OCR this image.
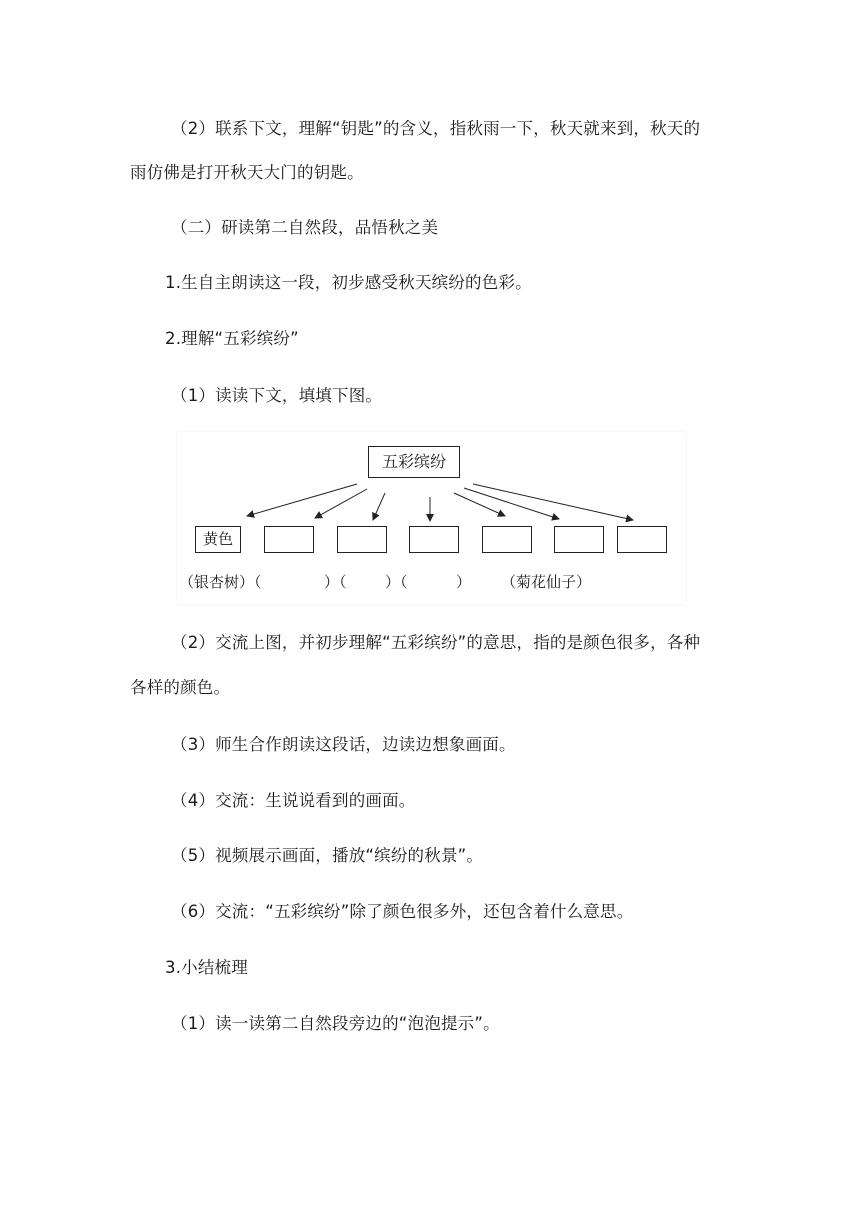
（2）联系下文，理解“钥匙”的含义，指秋雨一下，秋天就来到，秋天的
雨仿佛是打开秋天大门的钥匙。
（二）研读第二自然段，品悟秋之美
1.生自主朗读这一段，初步感受秋天缤纷的色彩。
2.理解“五彩缤纷”
（1）读读下文，填填下图。
五彩缤纷
黄色
（银杏树）（	）（	）（	） （菊花仙子）
（2）交流上图，并初步理解“五彩缤纷”的意思，指的是颜色很多，各种
各样的颜色。
（3）师生合作朗读这段话，边读边想象画面。
（4）交流：生说说看到的画面。
（5）视频展示画面，播放“缤纷的秋景”。
（6）交流：“五彩缤纷”除了颜色很多外，还包含着什么意思。
3.小结梳理
（1）读一读第二自然段旁边的“泡泡提示”。
